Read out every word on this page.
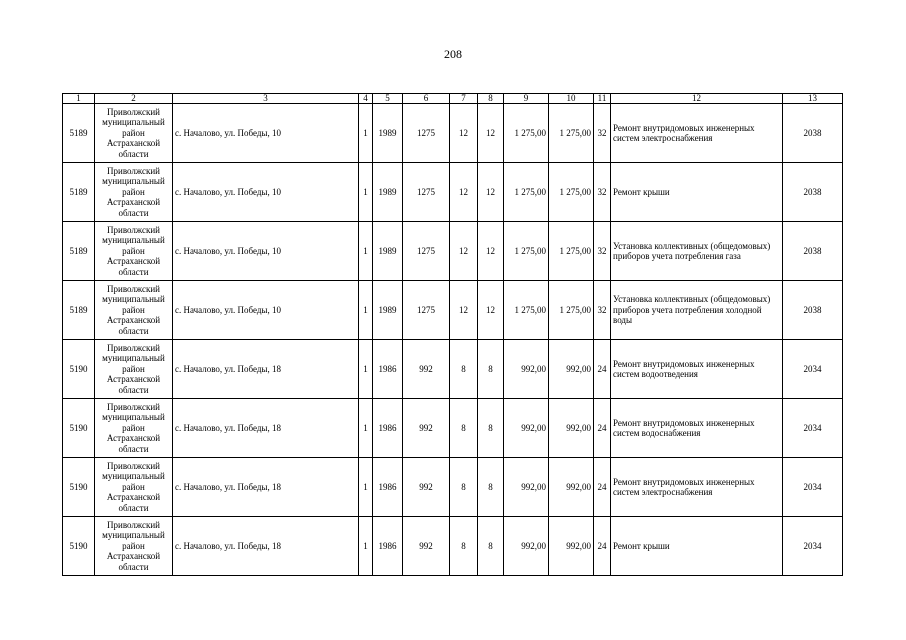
208
1	2	3	4	5	6	7	8	9	10	11	12	13
5189	Приволжский муниципальный район Астраханской области	с. Началово, ул. Победы, 10	1	1989	1275	12	12	1 275,00	1 275,00	32	Ремонт внутридомовых инженерных систем электроснабжения	2038
5189	Приволжский муниципальный район Астраханской области	с. Началово, ул. Победы, 10	1	1989	1275	12	12	1 275,00	1 275,00	32	Ремонт крыши	2038
5189	Приволжский муниципальный район Астраханской области	с. Началово, ул. Победы, 10	1	1989	1275	12	12	1 275,00	1 275,00	32	Установка коллективных (общедомовых) приборов учета потребления газа	2038
5189	Приволжский муниципальный район Астраханской области	с. Началово, ул. Победы, 10	1	1989	1275	12	12	1 275,00	1 275,00	32	Установка коллективных (общедомовых) приборов учета потребления холодной воды	2038
5190	Приволжский муниципальный район Астраханской области	с. Началово, ул. Победы, 18	1	1986	992	8	8	992,00	992,00	24	Ремонт внутридомовых инженерных систем водоотведения	2034
5190	Приволжский муниципальный район Астраханской области	с. Началово, ул. Победы, 18	1	1986	992	8	8	992,00	992,00	24	Ремонт внутридомовых инженерных систем водоснабжения	2034
5190	Приволжский муниципальный район Астраханской области	с. Началово, ул. Победы, 18	1	1986	992	8	8	992,00	992,00	24	Ремонт внутридомовых инженерных систем электроснабжения	2034
5190	Приволжский муниципальный район Астраханской области	с. Началово, ул. Победы, 18	1	1986	992	8	8	992,00	992,00	24	Ремонт крыши	2034
